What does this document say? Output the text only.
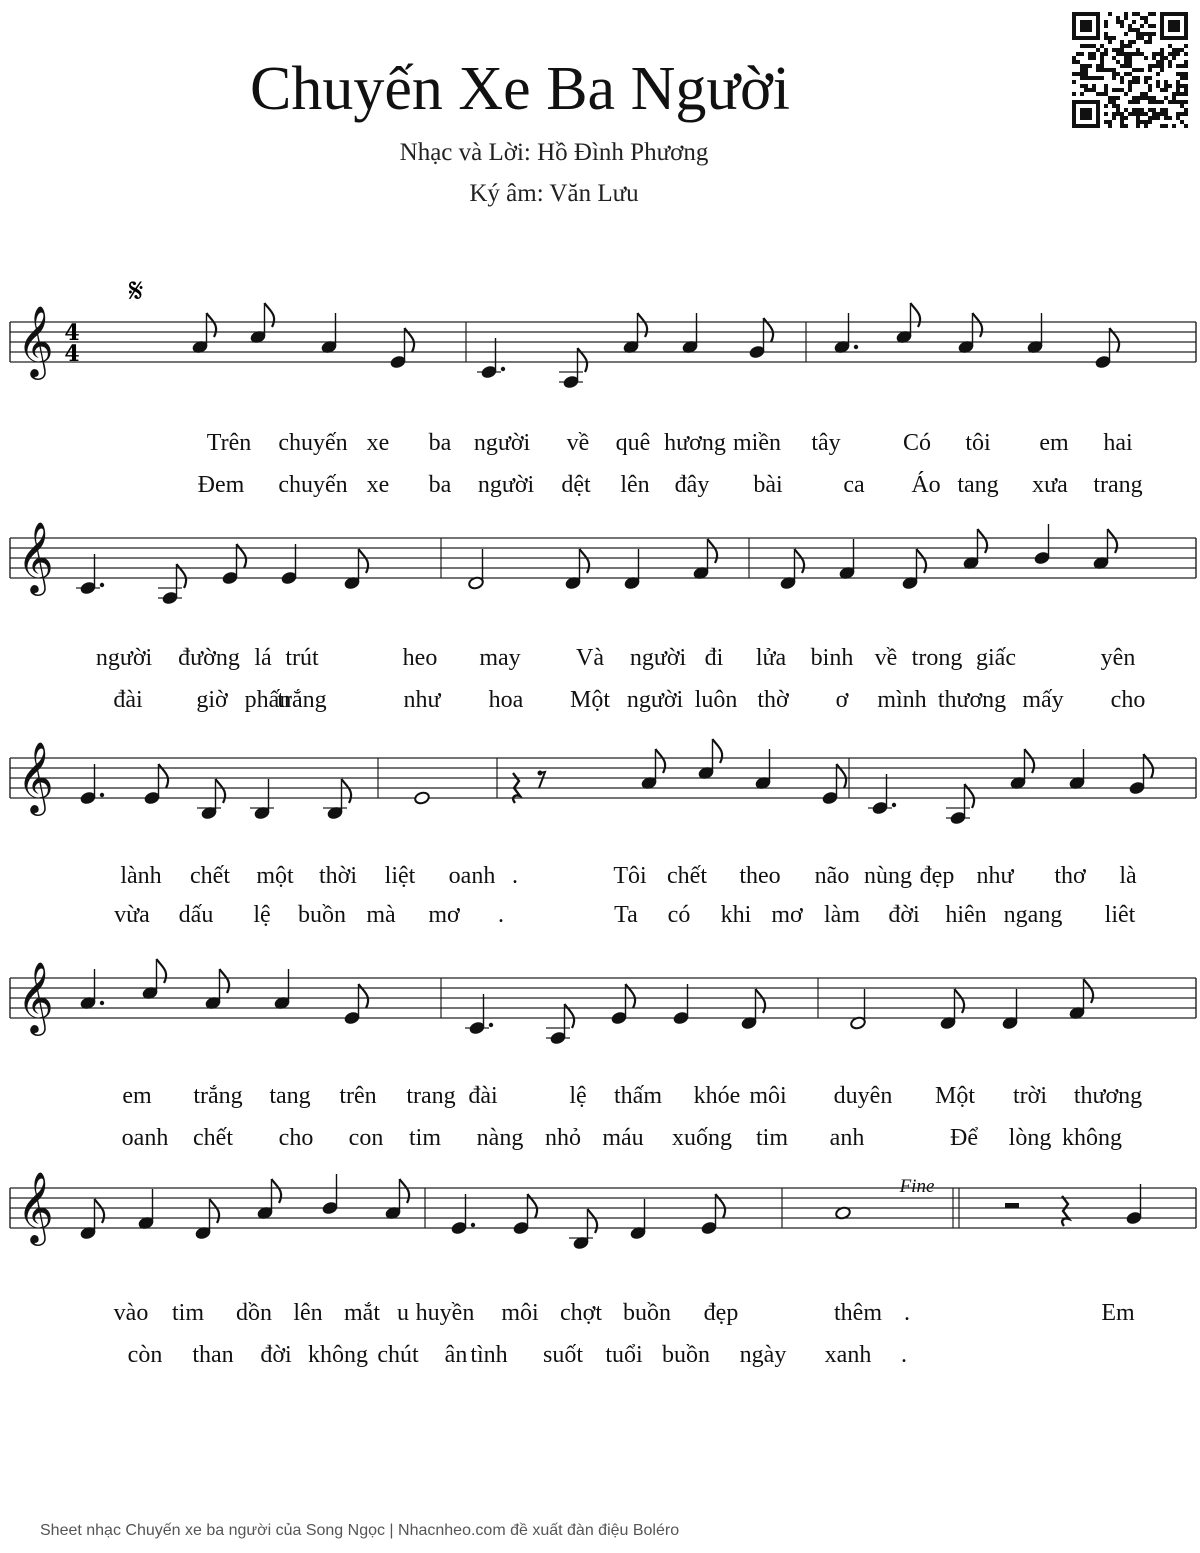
Chuyến Xe Ba Người
Nhạc và Lời: Hồ Đình Phương
Ký âm: Văn Lưu
𝄞
𝄞
𝄞
𝄞
𝄞
4
4
𝄋
Fine
Trên chuyến xe ba người về quê hương miền tây	Có tôi em hai
Đem chuyến xe ba người dệt lên đây bài	ca Áo tang xưa trang
người đường lá trút	heo may Và người đi lửa binh về trong giấc	yên
đài giờ phấn
trắng	như hoa Một người luôn thờ ơ mình thương mấy cho
lành chết một thời liệt oanh .	Tôi chết theo não nùng đẹp như thơ là
vừa dấu lệ buồn mà mơ .	Ta có khi mơ làm đời hiên ngang liêt
em trắng tang trên trang đài	lệ thấm khóe môi duyên Một trời thương
oanh chết cho con tim nàng nhỏ máu xuống tim anh	Để lòng không
vào tim dồn lên mắt u huyền môi chợt buồn đẹp	thêm .	Em
còn than đời không chút ân tình suốt tuổi buồn ngày xanh .
Sheet nhạc Chuyến xe ba người của Song Ngọc | Nhacnheo.com đề xuất đàn điệu Boléro
